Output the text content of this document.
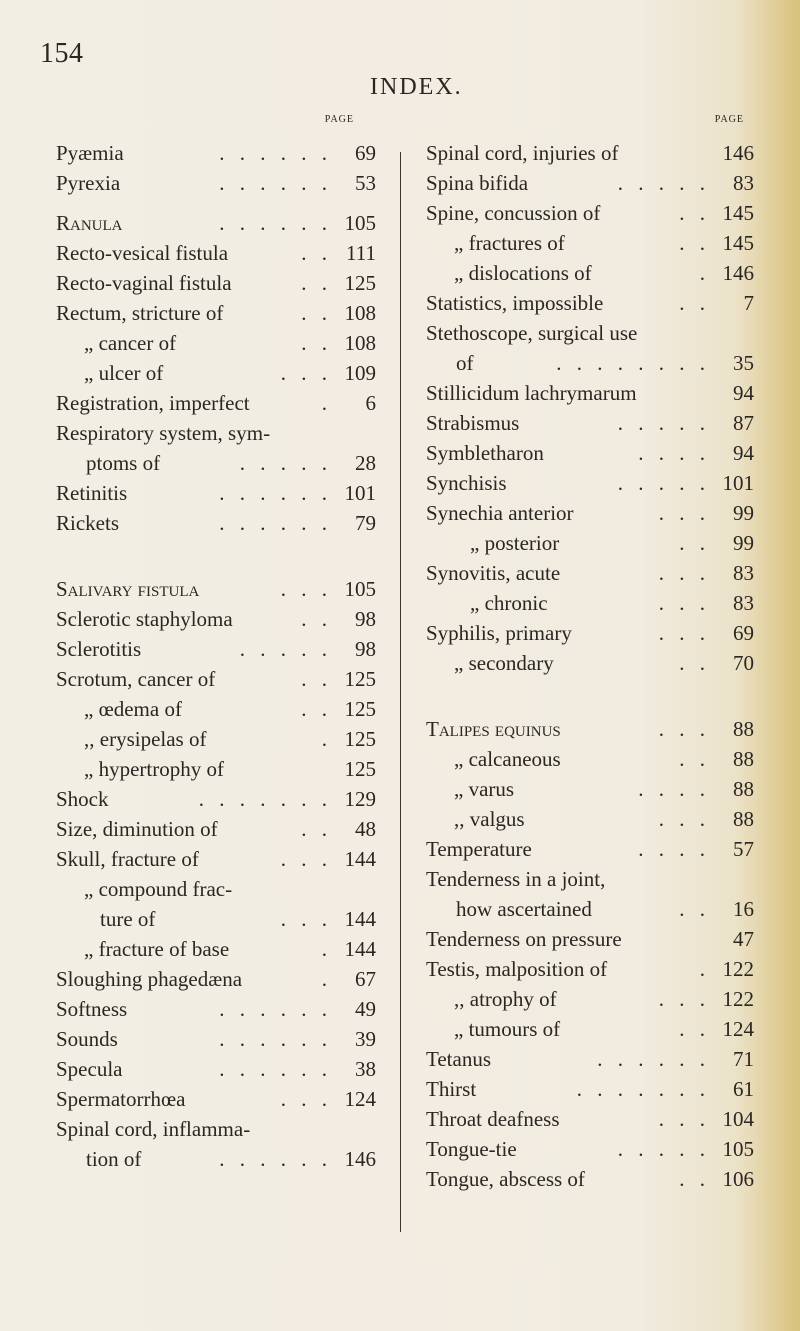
154
INDEX.
PAGE
Pyæmia	. . . . . .	69
Pyrexia	. . . . . .	53
Ranula	. . . . . . 105
Recto-vesical fistula	. . 111
Recto-vaginal fistula	. . 125
Rectum, stricture of	. . 108
„ cancer of	. . 108
„ ulcer of	. . . 109
Registration, imperfect	.	6
Respiratory system, sym-
ptoms of	. . . . .	28
Retinitis	. . . . . . 101
Rickets	. . . . . .	79
Salivary fistula	. . . 105
Sclerotic staphyloma	. .	98
Sclerotitis	. . . . .	98
Scrotum, cancer of	. . 125
„ œdema of	. . 125
,, erysipelas of	. 125
„ hypertrophy of	125
Shock	. . . . . . . 129
Size, diminution of	. .	48
Skull, fracture of	. . . 144
„ compound frac-
ture of	. . . 144
„ fracture of base	. 144
Sloughing phagedæna	.	67
Softness	. . . . . .	49
Sounds	. . . . . .	39
Specula	. . . . . .	38
Spermatorrhœa	. . . 124
Spinal cord, inflamma-
tion of	. . . . . . 146
PAGE
Spinal cord, injuries of	146
Spina bifida	. . . . .	83
Spine, concussion of	. . 145
„ fractures of	. . 145
„ dislocations of	. 146
Statistics, impossible	. .	7
Stethoscope, surgical use
of	. . . . . . . .	35
Stillicidum lachrymarum	94
Strabismus	. . . . .	87
Symbletharon	. . . .	94
Synchisis	. . . . . 101
Synechia anterior	. . .	99
„ posterior	. .	99
Synovitis, acute	. . .	83
„ chronic	. . .	83
Syphilis, primary	. . .	69
„ secondary	. .	70
Talipes equinus	. . .	88
„ calcaneous	. .	88
„ varus	. . . .	88
,, valgus	. . .	88
Temperature	. . . .	57
Tenderness in a joint,
how ascertained	. .	16
Tenderness on pressure	47
Testis, malposition of	. 122
,, atrophy of	. . . 122
„ tumours of	. . 124
Tetanus	. . . . . .	71
Thirst	. . . . . . .	61
Throat deafness	. . . 104
Tongue-tie	. . . . . 105
Tongue, abscess of	. . 106
